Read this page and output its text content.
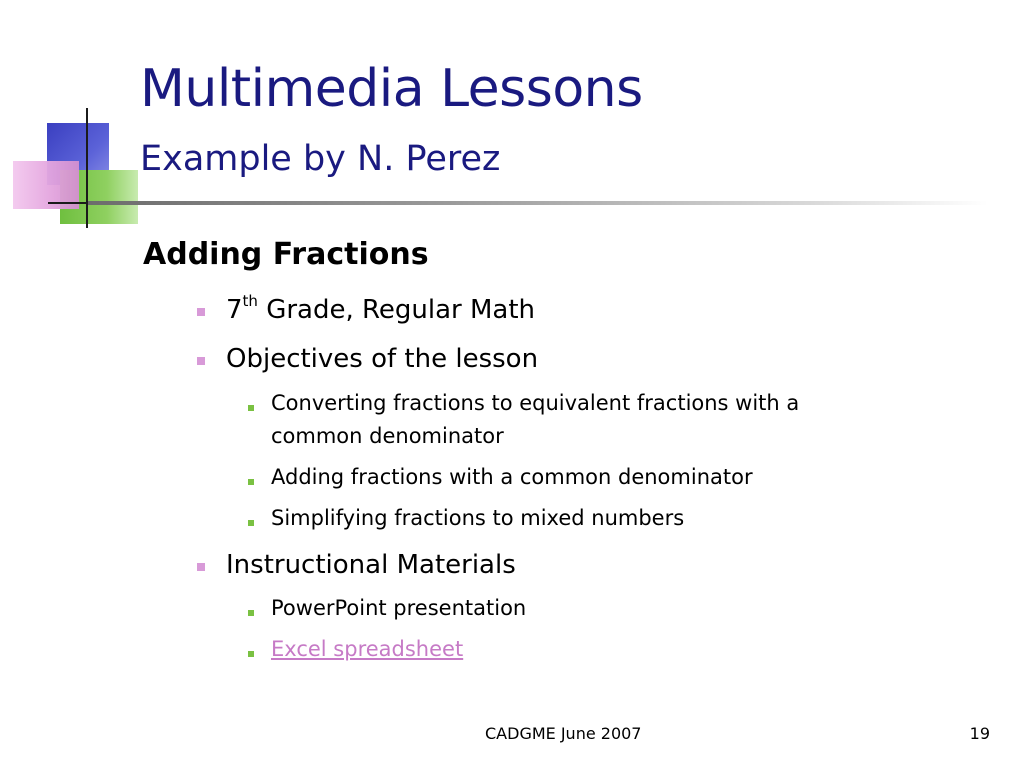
Multimedia Lessons
Example by N. Perez
Adding Fractions
7th Grade, Regular Math
Objectives of the lesson
Converting fractions to equivalent fractions with a
common denominator
Adding fractions with a common denominator
Simplifying fractions to mixed numbers
Instructional Materials
PowerPoint presentation
Excel spreadsheet
CADGME June 2007	19
